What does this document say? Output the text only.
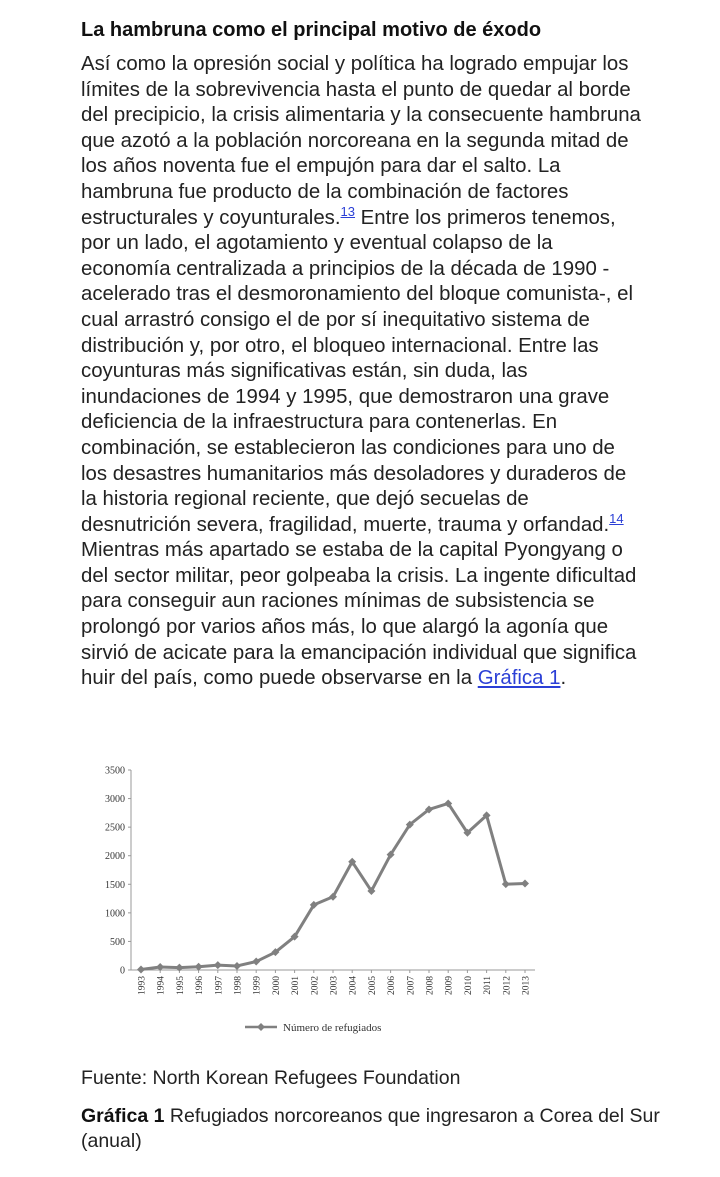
La hambruna como el principal motivo de éxodo

Así como la opresión social y política ha logrado empujar los límites de la sobrevivencia hasta el punto de quedar al borde del precipicio, la crisis alimentaria y la consecuente hambruna que azotó a la población norcoreana en la segunda mitad de los años noventa fue el empujón para dar el salto. La hambruna fue producto de la combinación de factores estructurales y coyunturales.$^{13}$ Entre los primeros tenemos, por un lado, el agotamiento y eventual colapso de la economía centralizada a principios de la década de 1990 -acelerado tras el desmoronamiento del bloque comunista-, el cual arrastró consigo el de por sí inequitativo sistema de distribución y, por otro, el bloqueo internacional. Entre las coyunturas más significativas están, sin duda, las inundaciones de 1994 y 1995, que demostraron una grave deficiencia de la infraestructura para contenerlas. En combinación, se establecieron las condiciones para uno de los desastres humanitarios más desoladores y duraderos de la historia regional reciente, que dejó secuelas de desnutrición severa, fragilidad, muerte, trauma y orfandad.$^{14}$ Mientras más apartado se estaba de la capital Pyongyang o del sector militar, peor golpeaba la crisis. La ingente dificultad para conseguir aun raciones mínimas de subsistencia se prolongó por varios años más, lo que alargó la agonía que sirvió de acicate para la emancipación individual que significa huir del país, como puede observarse en la Gráfica 1.

3500
3000
2500
2000
1500
1000
500
0
1993 1994 1995 1996 1997 1998 1999 2000 2001 2002 2003 2004 2005 2006 2007 2008 2009 2010 2011 2012 2013
Número de refugiados

Fuente: North Korean Refugees Foundation

Gráfica 1 Refugiados norcoreanos que ingresaron a Corea del Sur (anual)
